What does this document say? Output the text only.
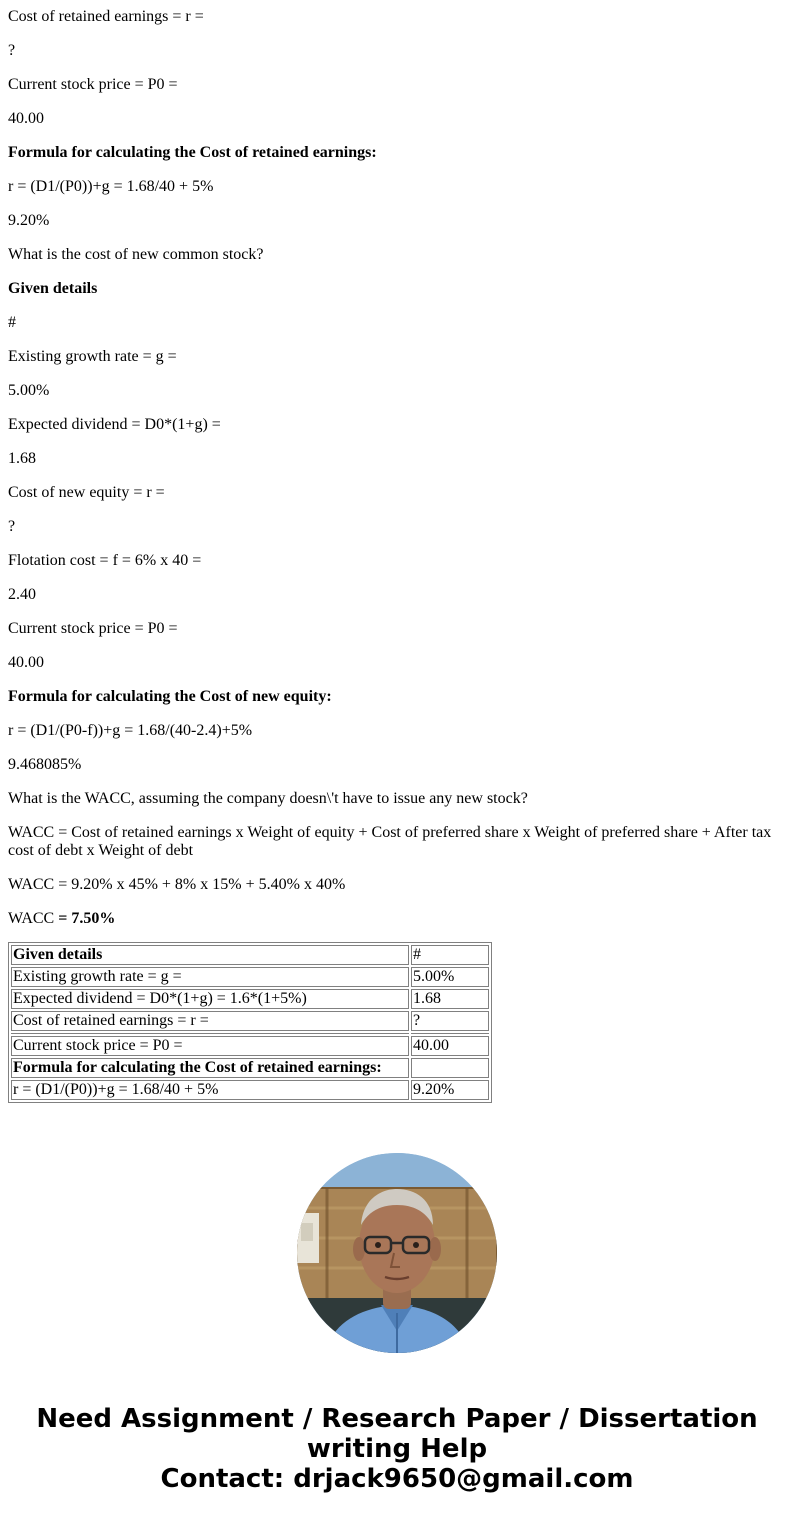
Cost of retained earnings = r =

?

Current stock price = P0 =

40.00

Formula for calculating the Cost of retained earnings:

r = (D1/(P0))+g = 1.68/40 + 5%

9.20%

What is the cost of new common stock?

Given details

#

Existing growth rate = g =

5.00%

Expected dividend = D0*(1+g) =

1.68

Cost of new equity = r =

?

Flotation cost = f = 6% x 40 =

2.40

Current stock price = P0 =

40.00

Formula for calculating the Cost of new equity:

r = (D1/(P0-f))+g = 1.68/(40-2.4)+5%

9.468085%

What is the WACC, assuming the company doesn\'t have to issue any new stock?

WACC = Cost of retained earnings x Weight of equity + Cost of preferred share x Weight of preferred share + After tax cost of debt x Weight of debt

WACC = 9.20% x 45% + 8% x 15% + 5.40% x 40%

WACC = 7.50%

Given details	#
Existing growth rate = g =	5.00%
Expected dividend = D0*(1+g) = 1.6*(1+5%)	1.68
Cost of retained earnings = r =	?

Current stock price = P0 =	40.00
Formula for calculating the Cost of retained earnings:	
r = (D1/(P0))+g = 1.68/40 + 5%	9.20%
Need Assignment / Research Paper / Dissertation
writing Help
Contact: drjack9650@gmail.com
